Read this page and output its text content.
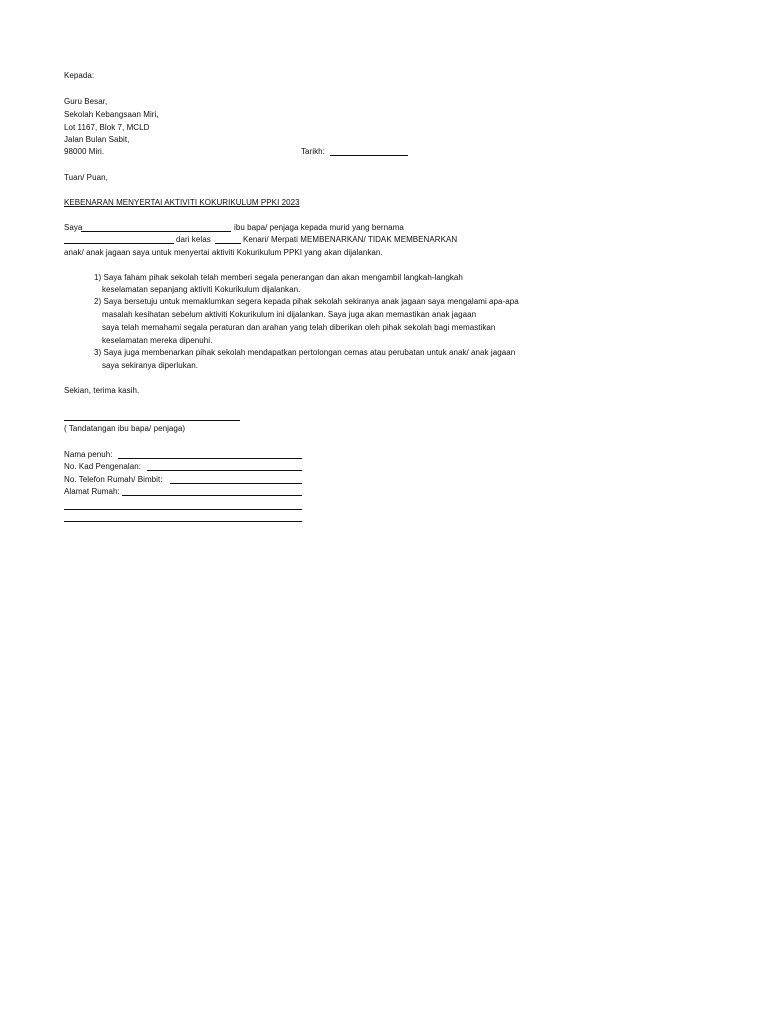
Kepada:
Guru Besar,
Sekolah Kebangsaan Miri,
Lot 1167, Blok 7, MCLD
Jalan Bulan Sabit,
98000 Miri.	Tarikh:
Tuan/ Puan,
KEBENARAN MENYERTAI AKTIVITI KOKURIKULUM PPKI 2023
Saya	ibu bapa/ penjaga kepada murid yang bernama
dari kelas	Kenari/ Merpati MEMBENARKAN/ TIDAK MEMBENARKAN
anak/ anak jagaan saya untuk menyertai aktiviti Kokurikulum PPKI yang akan dijalankan.
1) Saya faham pihak sekolah telah memberi segala penerangan dan akan mengambil langkah-langkah
keselamatan sepanjang aktiviti Kokurikulum dijalankan.
2) Saya bersetuju untuk memaklumkan segera kepada pihak sekolah sekiranya anak jagaan saya mengalami apa-apa
masalah kesihatan sebelum aktiviti Kokurikulum ini dijalankan. Saya juga akan memastikan anak jagaan
saya telah memahami segala peraturan dan arahan yang telah diberikan oleh pihak sekolah bagi memastikan
keselamatan mereka dipenuhi.
3) Saya juga membenarkan pihak sekolah mendapatkan pertolongan cemas atau perubatan untuk anak/ anak jagaan
saya sekiranya diperlukan.
Sekian, terima kasih.
( Tandatangan ibu bapa/ penjaga)
Nama penuh:
No. Kad Pengenalan:
No. Telefon Rumah/ Bimbit:
Alamat Rumah:
